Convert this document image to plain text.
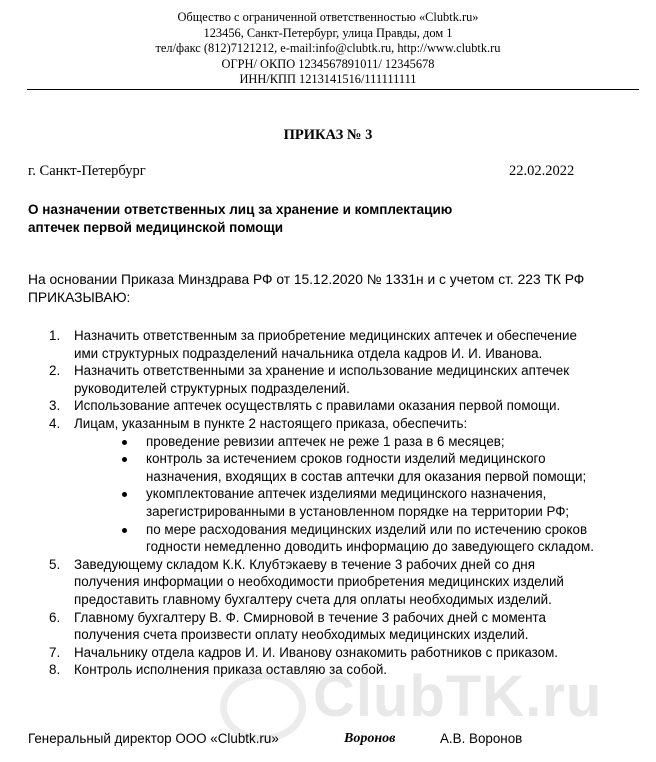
Общество с ограниченной ответственностью «Clubtk.ru»
123456, Санкт-Петербург, улица Правды, дом 1
тел/факс (812)7121212, e-mail:info@clubtk.ru, http://www.clubtk.ru
ОГРН/ ОКПО 1234567891011/ 12345678
ИНН/КПП 1213141516/111111111
ПРИКАЗ № 3
г. Санкт-Петербург	22.02.2022
О назначении ответственных лиц за хранение и комплектацию
аптечек первой медицинской помощи
На основании Приказа Минздрава РФ от 15.12.2020 № 1331н и с учетом ст. 223 ТК РФ
ПРИКАЗЫВАЮ:
1. Назначить ответственным за приобретение медицинских аптечек и обеспечение
ими структурных подразделений начальника отдела кадров И. И. Иванова.
2. Назначить ответственными за хранение и использование медицинских аптечек
руководителей структурных подразделений.
3. Использование аптечек осуществлять с правилами оказания первой помощи.
4. Лицам, указанным в пункте 2 настоящего приказа, обеспечить:
проведение ревизии аптечек не реже 1 раза в 6 месяцев;
контроль за истечением сроков годности изделий медицинского
назначения, входящих в состав аптечки для оказания первой помощи;
укомплектование аптечек изделиями медицинского назначения,
зарегистрированными в установленном порядке на территории РФ;
по мере расходования медицинских изделий или по истечению сроков
годности немедленно доводить информацию до заведующего складом.
5. Заведующему складом К.К. Клубтэкаеву в течение 3 рабочих дней со дня
получения информации о необходимости приобретения медицинских изделий
предоставить главному бухгалтеру счета для оплаты необходимых изделий.
6. Главному бухгалтеру В. Ф. Смирновой в течение 3 рабочих дней с момента
получения счета произвести оплату необходимых медицинских изделий.
7. Начальнику отдела кадров И. И. Иванову ознакомить работников с приказом.
8. Контроль исполнения приказа оставляю за собой.
ClubTK.ru
Генеральный директор ООО «Clubtk.ru»	Воронов	А.В. Воронов
